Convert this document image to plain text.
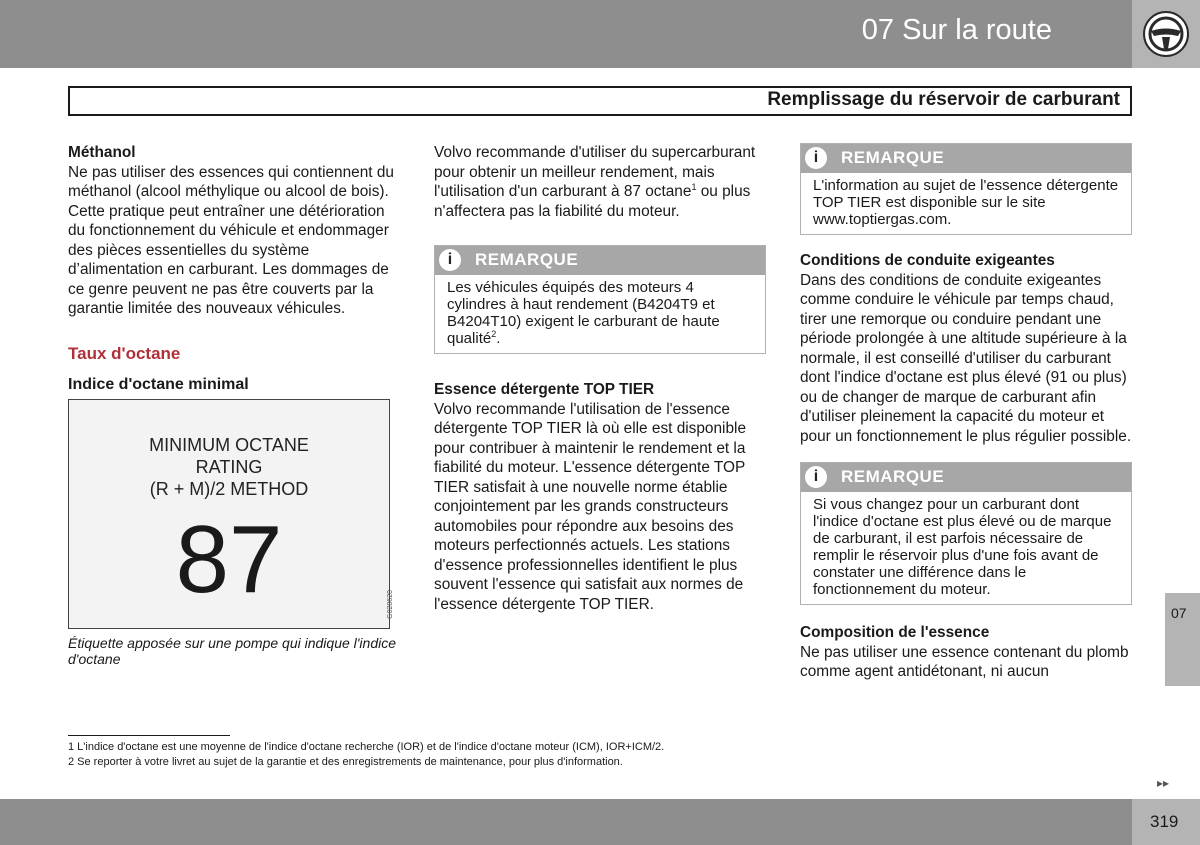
07 Sur la route
Remplissage du réservoir de carburant

Méthanol

Ne pas utiliser des essences qui contiennent du méthanol (alcool méthylique ou alcool de bois). Cette pratique peut entraîner une détérioration du fonctionnement du véhicule et endommager des pièces essentielles du système d’alimentation en carburant. Les dommages de ce genre peuvent ne pas être couverts par la garantie limitée des nouveaux véhicules.

Taux d'octane

Indice d'octane minimal

MINIMUM OCTANE
RATING
(R + M)/2 METHOD
87	G028620

Étiquette apposée sur une pompe qui indique l'indice d'octane

Volvo recommande d'utiliser du supercarburant pour obtenir un meilleur rendement, mais l'utilisation d'un carburant à 87 octane$^1$ ou plus n'affectera pas la fiabilité du moteur.

i	REMARQUE
Les véhicules équipés des moteurs 4 cylindres à haut rendement (B4204T9 et B4204T10) exigent le carburant de haute qualité$^2$.

Essence détergente TOP TIER

Volvo recommande l'utilisation de l'essence détergente TOP TIER là où elle est disponible pour contribuer à maintenir le rendement et la fiabilité du moteur. L'essence détergente TOP TIER satisfait à une nouvelle norme établie conjointement par les grands constructeurs automobiles pour répondre aux besoins des moteurs perfectionnés actuels. Les stations d'essence professionnelles identifient le plus souvent l'essence qui satisfait aux normes de l'essence détergente TOP TIER.

i	REMARQUE
L'information au sujet de l'essence détergente TOP TIER est disponible sur le site www.toptiergas.com.

Conditions de conduite exigeantes

Dans des conditions de conduite exigeantes comme conduire le véhicule par temps chaud, tirer une remorque ou conduire pendant une période prolongée à une altitude supérieure à la normale, il est conseillé d'utiliser du carburant dont l'indice d'octane est plus élevé (91 ou plus) ou de changer de marque de carburant afin d'utiliser pleinement la capacité du moteur et pour un fonctionnement le plus régulier possible.

i	REMARQUE
Si vous changez pour un carburant dont l'indice d'octane est plus élevé ou de marque de carburant, il est parfois nécessaire de remplir le réservoir plus d'une fois avant de constater une différence dans le fonctionnement du moteur.

Composition de l'essence

Ne pas utiliser une essence contenant du plomb comme agent antidétonant, ni aucun

1 L'indice d'octane est une moyenne de l'indice d'octane recherche (IOR) et de l'indice d'octane moteur (ICM), IOR+ICM/2.
2 Se reporter à votre livret au sujet de la garantie et des enregistrements de maintenance, pour plus d'information.
07
▸▸
319
